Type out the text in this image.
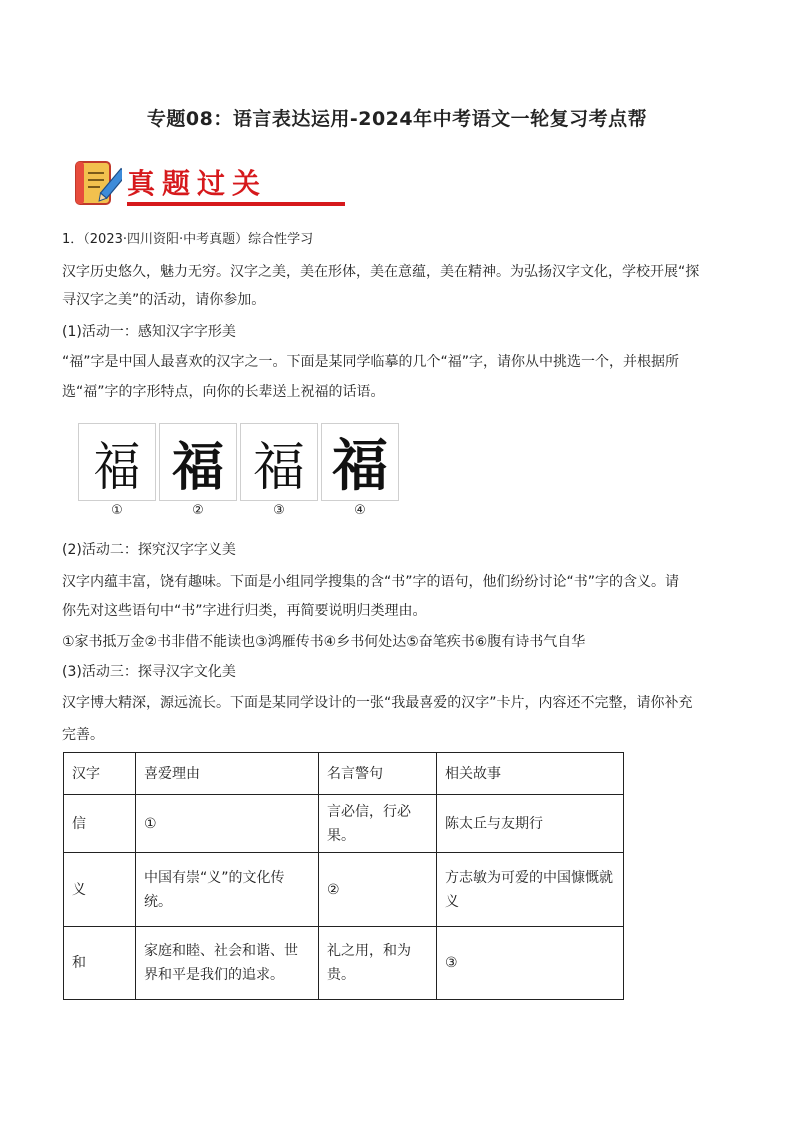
专题08：语言表达运用-2024年中考语文一轮复习考点帮
真题过关
1．（2023·四川资阳·中考真题）综合性学习
汉字历史悠久，魅力无穷。汉字之美，美在形体，美在意蕴，美在精神。为弘扬汉字文化，学校开展“探
寻汉字之美”的活动，请你参加。
(1)活动一：感知汉字字形美
“福”字是中国人最喜欢的汉字之一。下面是某同学临摹的几个“福”字，请你从中挑选一个，并根据所
选“福”字的字形特点，向你的长辈送上祝福的话语。
福 福 福 福
①	②	③	④
(2)活动二：探究汉字字义美
汉字内蕴丰富，饶有趣味。下面是小组同学搜集的含“书”字的语句，他们纷纷讨论“书”字的含义。请
你先对这些语句中“书”字进行归类，再简要说明归类理由。
①家书抵万金②书非借不能读也③鸿雁传书④乡书何处达⑤奋笔疾书⑥腹有诗书气自华
(3)活动三：探寻汉字文化美
汉字博大精深，源远流长。下面是某同学设计的一张“我最喜爱的汉字”卡片，内容还不完整，请你补充
完善。
汉字	喜爱理由	名言警句	相关故事
信	①	言必信，行必果。	陈太丘与友期行
义	中国有崇“义”的文化传统。	②	方志敏为可爱的中国慷慨就义
和	家庭和睦、社会和谐、世界和平是我们的追求。	礼之用，和为贵。	③
